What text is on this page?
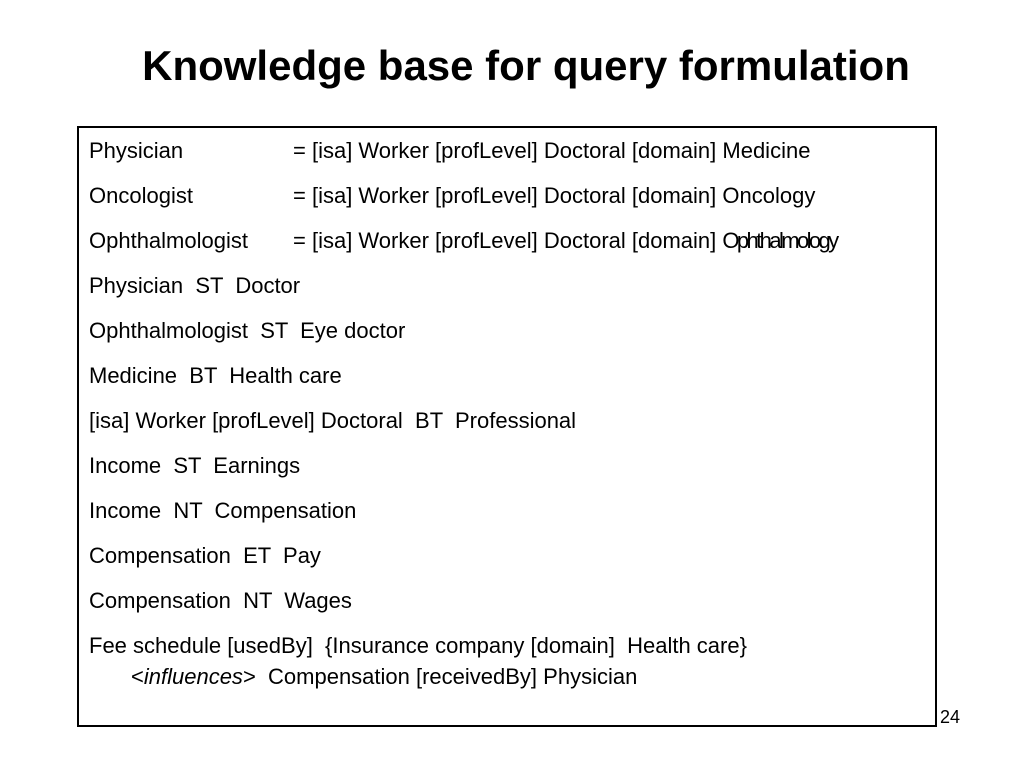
Knowledge base for query formulation
Physician	= [isa] Worker [profLevel] Doctoral [domain] Medicine
Oncologist	= [isa] Worker [profLevel] Doctoral [domain] Oncology
Ophthalmologist = [isa] Worker [profLevel] Doctoral [domain] Ophthalmology
Physician  ST  Doctor
Ophthalmologist  ST  Eye doctor
Medicine  BT  Health care
[isa] Worker [profLevel] Doctoral  BT  Professional
Income  ST  Earnings
Income  NT  Compensation
Compensation  ET  Pay
Compensation  NT  Wages
Fee schedule [usedBy]  {Insurance company [domain]  Health care}
<influences>  Compensation [receivedBy] Physician
24
